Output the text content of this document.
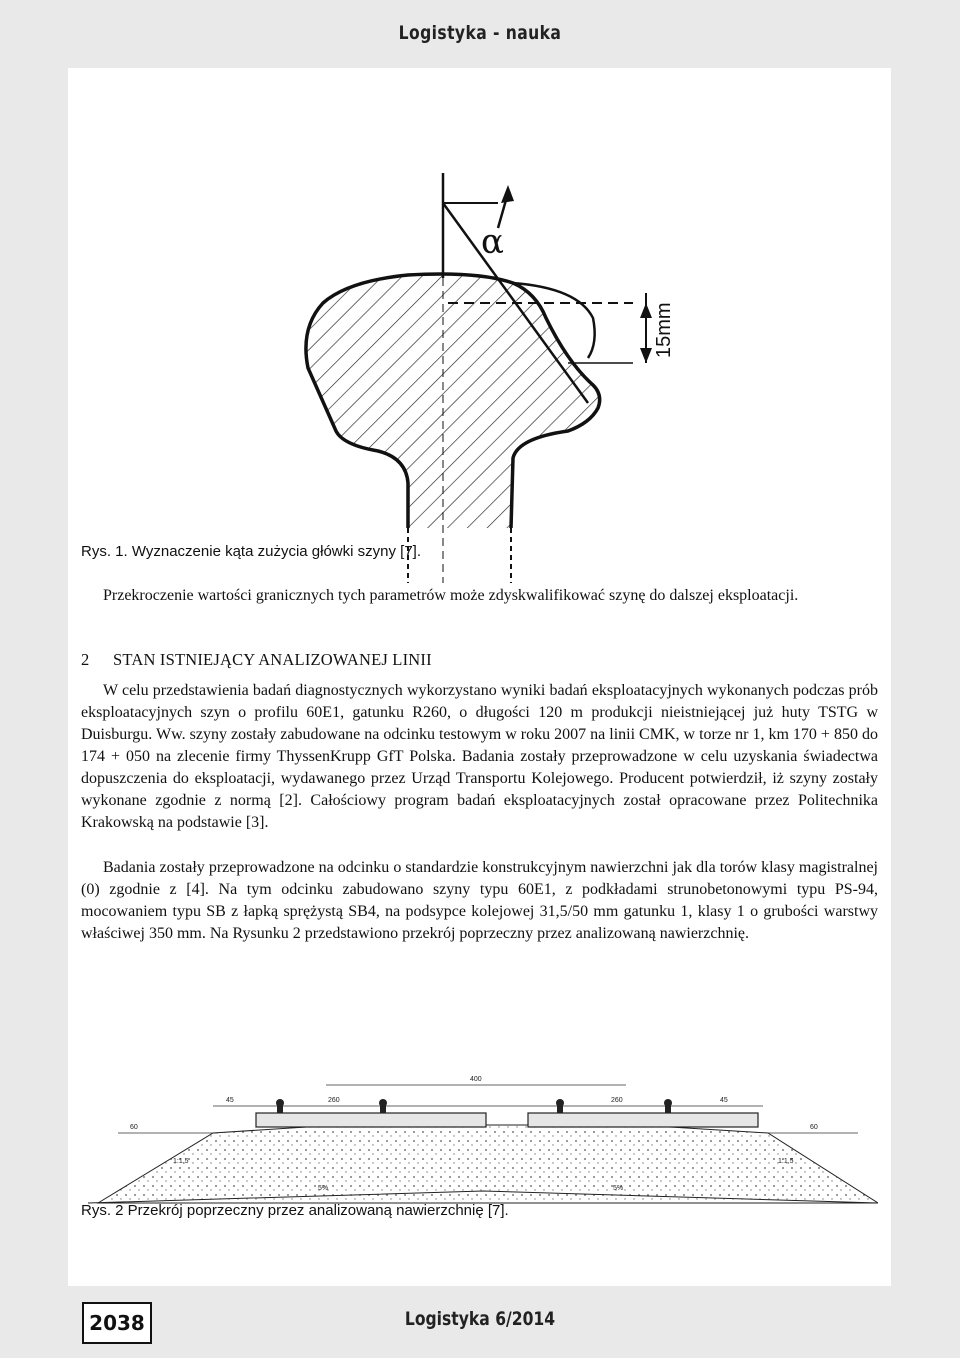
Logistyka - nauka
α
15mm
Rys. 1. Wyznaczenie kąta zużycia główki szyny [7].

Przekroczenie wartości granicznych tych parametrów może zdyskwalifikować szynę do dalszej eksploatacji.

2 STAN ISTNIEJĄCY ANALIZOWANEJ LINII

W celu przedstawienia badań diagnostycznych wykorzystano wyniki badań eksploatacyjnych wykonanych podczas prób eksploatacyjnych szyn o profilu 60E1, gatunku R260, o długości 120 m produkcji nieistniejącej już huty TSTG w Duisburgu. Ww. szyny zostały zabudowane na odcinku testowym w roku 2007 na linii CMK, w torze nr 1, km 170 + 850 do 174 + 050 na zlecenie firmy ThyssenKrupp GfT Polska. Badania zostały przeprowadzone w celu uzyskania świadectwa dopuszczenia do eksploatacji, wydawanego przez Urząd Transportu Kolejowego. Producent potwierdził, iż szyny zostały wykonane zgodnie z normą [2]. Całościowy program badań eksploatacyjnych został opracowane przez Politechnika Krakowską na podstawie [3].

Badania zostały przeprowadzone na odcinku o standardzie konstrukcyjnym nawierzchni jak dla torów klasy magistralnej (0) zgodnie z [4]. Na tym odcinku zabudowano szyny typu 60E1, z podkładami strunobetonowymi typu PS-94, mocowaniem typu SB z łapką sprężystą SB4, na podsypce kolejowej 31,5/50 mm gatunku 1, klasy 1 o grubości warstwy właściwej 350 mm. Na Rysunku 2 przedstawiono przekrój poprzeczny przez analizowaną nawierzchnię.

400
45	260	260	45
60	60
5%	5%
1:1,5	1:1,5
Rys. 2 Przekrój poprzeczny przez analizowaną nawierzchnię [7].
2038	Logistyka 6/2014
